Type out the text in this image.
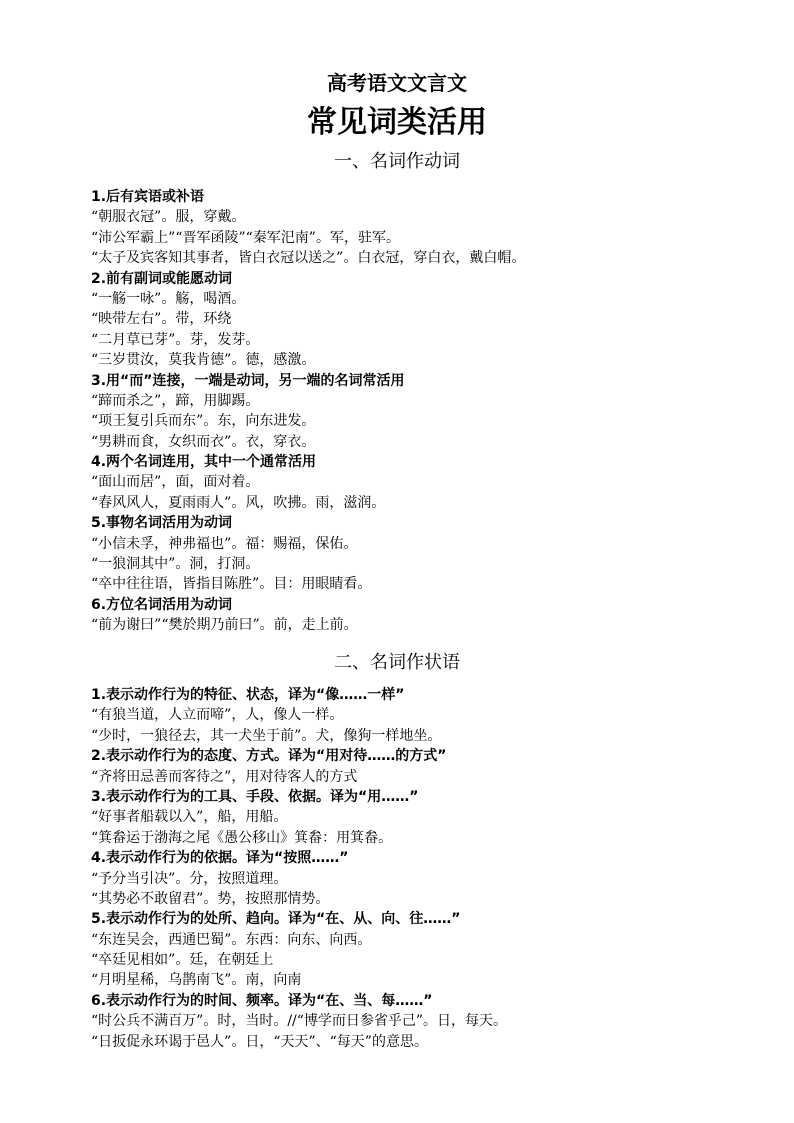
高考语文文言文
常见词类活用
一、名词作动词
1.后有宾语或补语
“朝服衣冠”。服，穿戴。
“沛公军霸上”“晋军函陵”“秦军汜南”。军，驻军。
“太子及宾客知其事者，皆白衣冠以送之”。白衣冠，穿白衣，戴白帽。
2.前有副词或能愿动词
“一觞一咏”。觞，喝酒。
“映带左右”。带，环绕
“二月草已芽”。芽，发芽。
“三岁贯汝，莫我肯德”。德，感激。
3.用“而”连接，一端是动词，另一端的名词常活用
“蹄而杀之”，蹄，用脚踢。
“项王复引兵而东”。东，向东进发。
“男耕而食，女织而衣”。衣，穿衣。
4.两个名词连用，其中一个通常活用
“面山而居”，面，面对着。
“春风风人，夏雨雨人”。风，吹拂。雨，滋润。
5.事物名词活用为动词
“小信未孚，神弗福也”。福：赐福，保佑。
“一狼洞其中”。洞，打洞。
“卒中往往语，皆指目陈胜”。目：用眼睛看。
6.方位名词活用为动词
“前为谢曰”“樊於期乃前曰”。前，走上前。
二、名词作状语
1.表示动作行为的特征、状态，译为“像……一样”
“有狼当道，人立而啼”，人，像人一样。
“少时，一狼径去，其一犬坐于前”。犬，像狗一样地坐。
2.表示动作行为的态度、方式。译为“用对待……的方式”
“齐将田忌善而客待之”，用对待客人的方式
3.表示动作行为的工具、手段、依据。译为“用……”
“好事者船载以入”，船，用船。
“箕畚运于渤海之尾《愚公移山》箕畚：用箕畚。
4.表示动作行为的依据。译为“按照……”
“予分当引决”。分，按照道理。
“其势必不敢留君”。势，按照那情势。
5.表示动作行为的处所、趋向。译为“在、从、向、往……”
“东连吴会，西通巴蜀”。东西：向东、向西。
“卒廷见相如”。廷，在朝廷上
“月明星稀，乌鹊南飞”。南，向南
6.表示动作行为的时间、频率。译为“在、当、每……”
“时公兵不满百万”。时，当时。//“博学而日参省乎己”。日，每天。
“日扳促永环谒于邑人”。日，“天天”、“每天”的意思。
